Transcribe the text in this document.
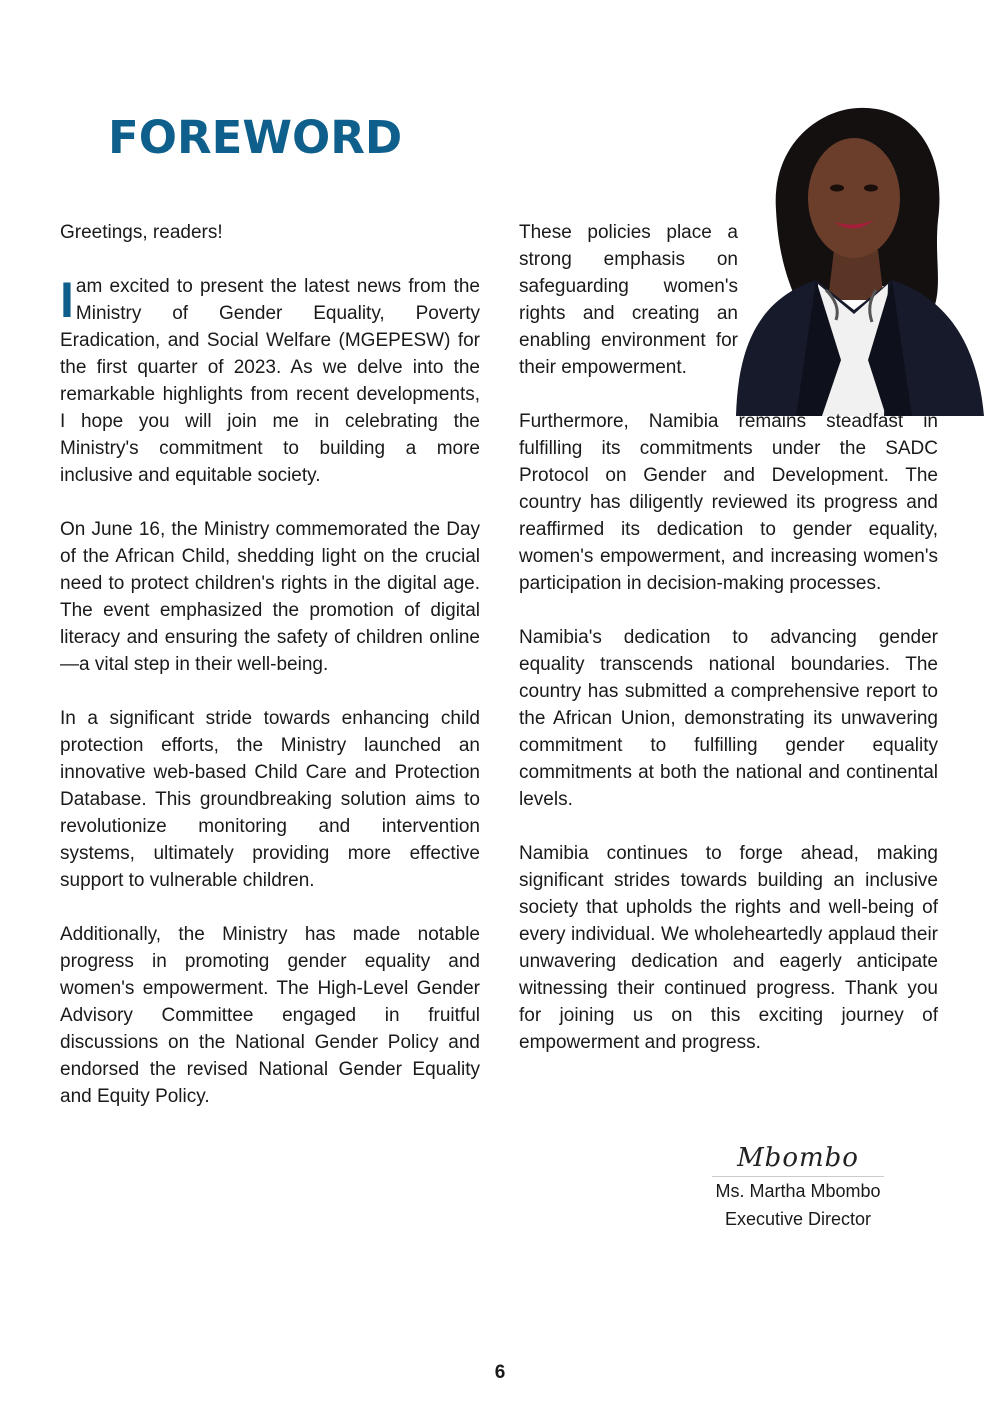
FOREWORD

Greetings, readers!

Iam excited to present the latest news from the Ministry of Gender Equality, Poverty Eradication, and Social Welfare (MGEPESW) for the first quarter of 2023. As we delve into the remarkable highlights from recent developments, I hope you will join me in celebrating the Ministry's commitment to building a more inclusive and equitable society.

On June 16, the Ministry commemorated the Day of the African Child, shedding light on the crucial need to protect children's rights in the digital age. The event emphasized the promotion of digital literacy and ensuring the safety of children online—a vital step in their well-being.

In a significant stride towards enhancing child protection efforts, the Ministry launched an innovative web-based Child Care and Protection Database. This groundbreaking solution aims to revolutionize monitoring and intervention systems, ultimately providing more effective support to vulnerable children.

Additionally, the Ministry has made notable progress in promoting gender equality and women's empowerment. The High-Level Gender Advisory Committee engaged in fruitful discussions on the National Gender Policy and endorsed the revised National Gender Equality and Equity Policy.

These policies place a strong emphasis on safeguarding women's rights and creating an enabling environment for their empowerment.

Furthermore, Namibia remains steadfast in fulfilling its commitments under the SADC Protocol on Gender and Development. The country has diligently reviewed its progress and reaffirmed its dedication to gender equality, women's empowerment, and increasing women's participation in decision-making processes.

Namibia's dedication to advancing gender equality transcends national boundaries. The country has submitted a comprehensive report to the African Union, demonstrating its unwavering commitment to fulfilling gender equality commitments at both the national and continental levels.

Namibia continues to forge ahead, making significant strides towards building an inclusive society that upholds the rights and well-being of every individual. We wholeheartedly applaud their unwavering dedication and eagerly anticipate witnessing their continued progress. Thank you for joining us on this exciting journey of empowerment and progress.

Mbombo
Ms. Martha Mbombo
Executive Director
6
